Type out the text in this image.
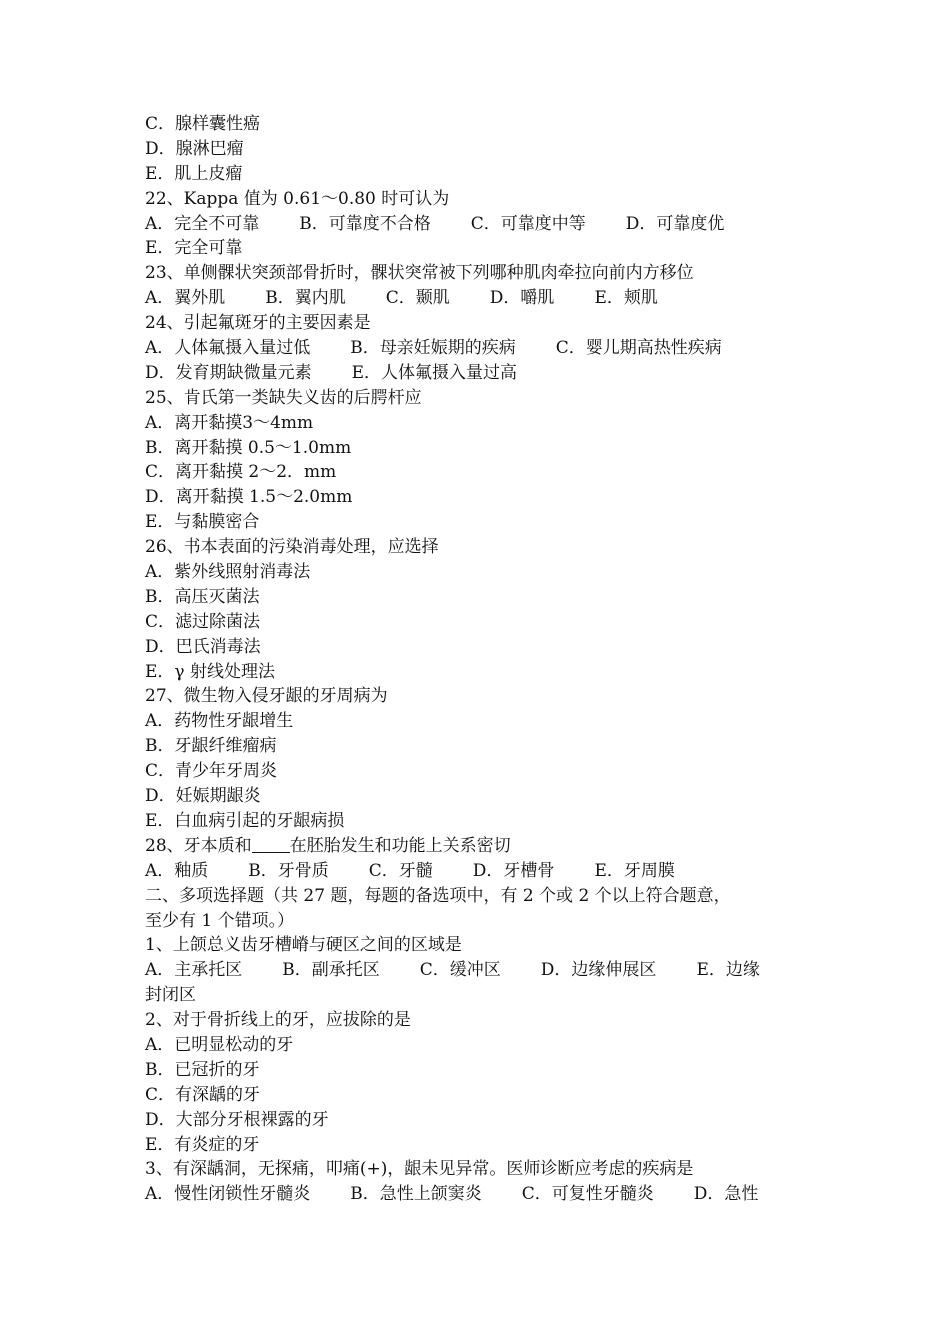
C．腺样囊性癌
D．腺淋巴瘤
E．肌上皮瘤
22、Kappa 值为 0.61～0.80 时可认为
A．完全不可靠 B．可靠度不合格 C．可靠度中等 D．可靠度优
E．完全可靠
23、单侧髁状突颈部骨折时，髁状突常被下列哪种肌肉牵拉向前内方移位
A．翼外肌 B．翼内肌 C．颞肌 D．嚼肌 E．颊肌
24、引起氟斑牙的主要因素是
A．人体氟摄入量过低 B．母亲妊娠期的疾病 C．婴儿期高热性疾病
D．发育期缺微量元素 E．人体氟摄入量过高
25、肯氏第一类缺失义齿的后腭杆应
A．离开黏摸3～4mm
B．离开黏摸 0.5～1.0mm
C．离开黏摸 2～2．mm
D．离开黏摸 1.5～2.0mm
E．与黏膜密合
26、书本表面的污染消毒处理，应选择
A．紫外线照射消毒法
B．高压灭菌法
C．滤过除菌法
D．巴氏消毒法
E．γ 射线处理法
27、微生物入侵牙龈的牙周病为
A．药物性牙龈增生
B．牙龈纤维瘤病
C．青少年牙周炎
D．妊娠期龈炎
E．白血病引起的牙龈病损
28、牙本质和 在胚胎发生和功能上关系密切
A．釉质 B．牙骨质 C．牙髓 D．牙槽骨 E．牙周膜
二、多项选择题（共 27 题，每题的备选项中，有 2 个或 2 个以上符合题意，
至少有 1 个错项。）
1、上颌总义齿牙槽嵴与硬区之间的区域是
A．主承托区 B．副承托区 C．缓冲区 D．边缘伸展区 E．边缘
封闭区
2、对于骨折线上的牙，应拔除的是
A．已明显松动的牙
B．已冠折的牙
C．有深龋的牙
D．大部分牙根裸露的牙
E．有炎症的牙
3、有深龋洞，无探痛，叩痛(+)，龈未见异常。医师诊断应考虑的疾病是
A．慢性闭锁性牙髓炎 B．急性上颌窦炎 C．可复性牙髓炎 D．急性
